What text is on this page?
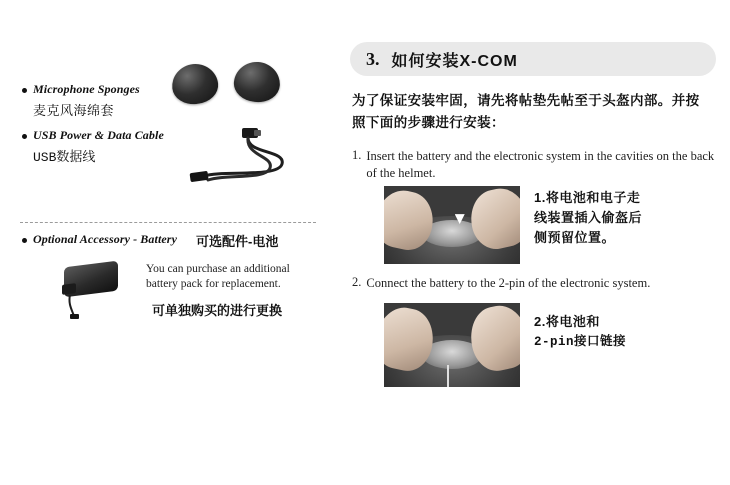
Microphone Sponges
麦克风海绵套
USB Power & Data Cable
USB数据线
Optional Accessory - Battery 可选配件-电池
You can purchase an additional battery pack for replacement.
可单独购买的进行更换
3. 如何安装X-COM
为了保证安装牢固，请先将帖垫先帖至于头盔内部。并按照下面的步骤进行安装：
1. Insert the battery and the electronic system in the cavities on the back of the helmet.
1.将电池和电子走
线装置插入偷盔后
侧预留位置。
2. Connect the battery to the 2-pin of the electronic system.
2.将电池和
2-pin接口链接
